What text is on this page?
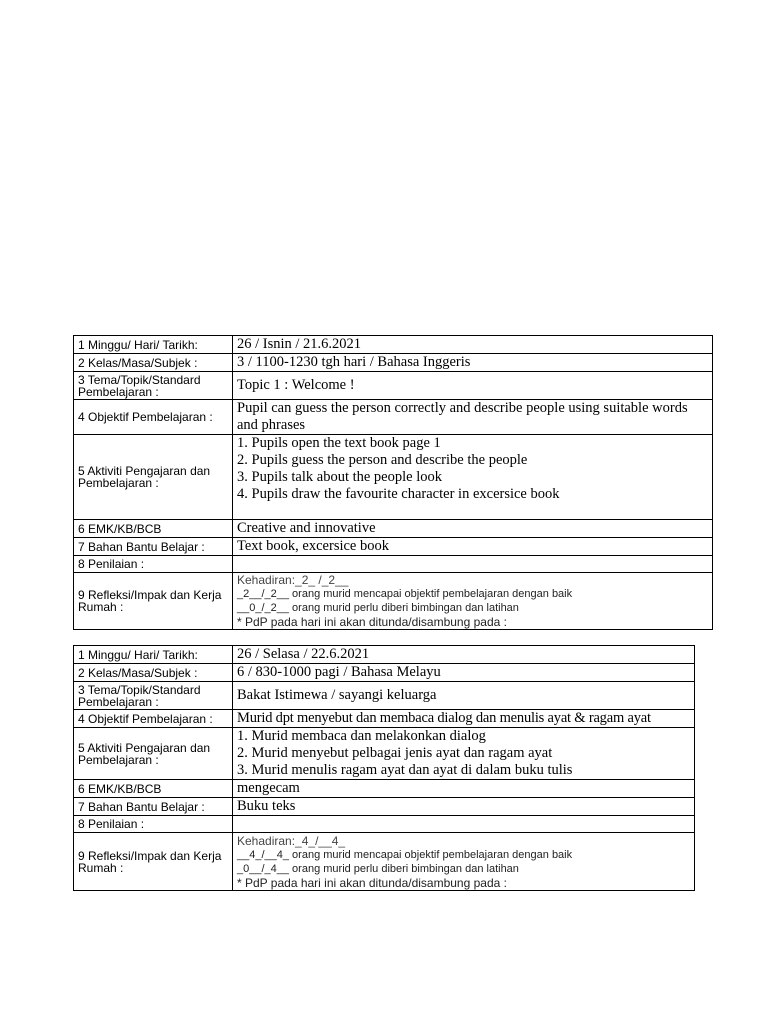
1 Minggu/ Hari/ Tarikh:	26 / Isnin / 21.6.2021

2 Kelas/Masa/Subjek :	3 / 1100-1230 tgh hari / Bahasa Inggeris

3 Tema/Topik/Standard Pembelajaran :	Topic 1 : Welcome !

4 Objektif Pembelajaran :	Pupil can guess the person correctly and describe people using suitable words and phrases

5 Aktiviti Pengajaran dan Pembelajaran :	1. Pupils open the text book page 1
2. Pupils guess the person and describe the people
3. Pupils talk about the people look
4. Pupils draw the favourite character in excersice book

6 EMK/KB/BCB	Creative and innovative

7 Bahan Bantu Belajar :	Text book, excersice book

8 Penilaian :	
9 Refleksi/Impak dan Kerja Rumah :	Kehadiran:_2_ /_2__
_2__/_2__ orang murid mencapai objektif pembelajaran dengan baik
__0_/_2__ orang murid perlu diberi bimbingan dan latihan
* PdP pada hari ini akan ditunda/disambung pada :
1 Minggu/ Hari/ Tarikh:	26 / Selasa / 22.6.2021

2 Kelas/Masa/Subjek :	6 / 830-1000 pagi / Bahasa Melayu

3 Tema/Topik/Standard Pembelajaran :	Bakat Istimewa / sayangi keluarga

4 Objektif Pembelajaran :	Murid dpt menyebut dan membaca dialog dan menulis ayat & ragam ayat

5 Aktiviti Pengajaran dan Pembelajaran :	1. Murid membaca dan melakonkan dialog
2. Murid menyebut pelbagai jenis ayat dan ragam ayat
3. Murid menulis ragam ayat dan ayat di dalam buku tulis

6 EMK/KB/BCB	mengecam

7 Bahan Bantu Belajar :	Buku teks

8 Penilaian :	
9 Refleksi/Impak dan Kerja Rumah :	Kehadiran:_4_/__4_
__4_/__4_ orang murid mencapai objektif pembelajaran dengan baik
_0__/_4__ orang murid perlu diberi bimbingan dan latihan
* PdP pada hari ini akan ditunda/disambung pada :
